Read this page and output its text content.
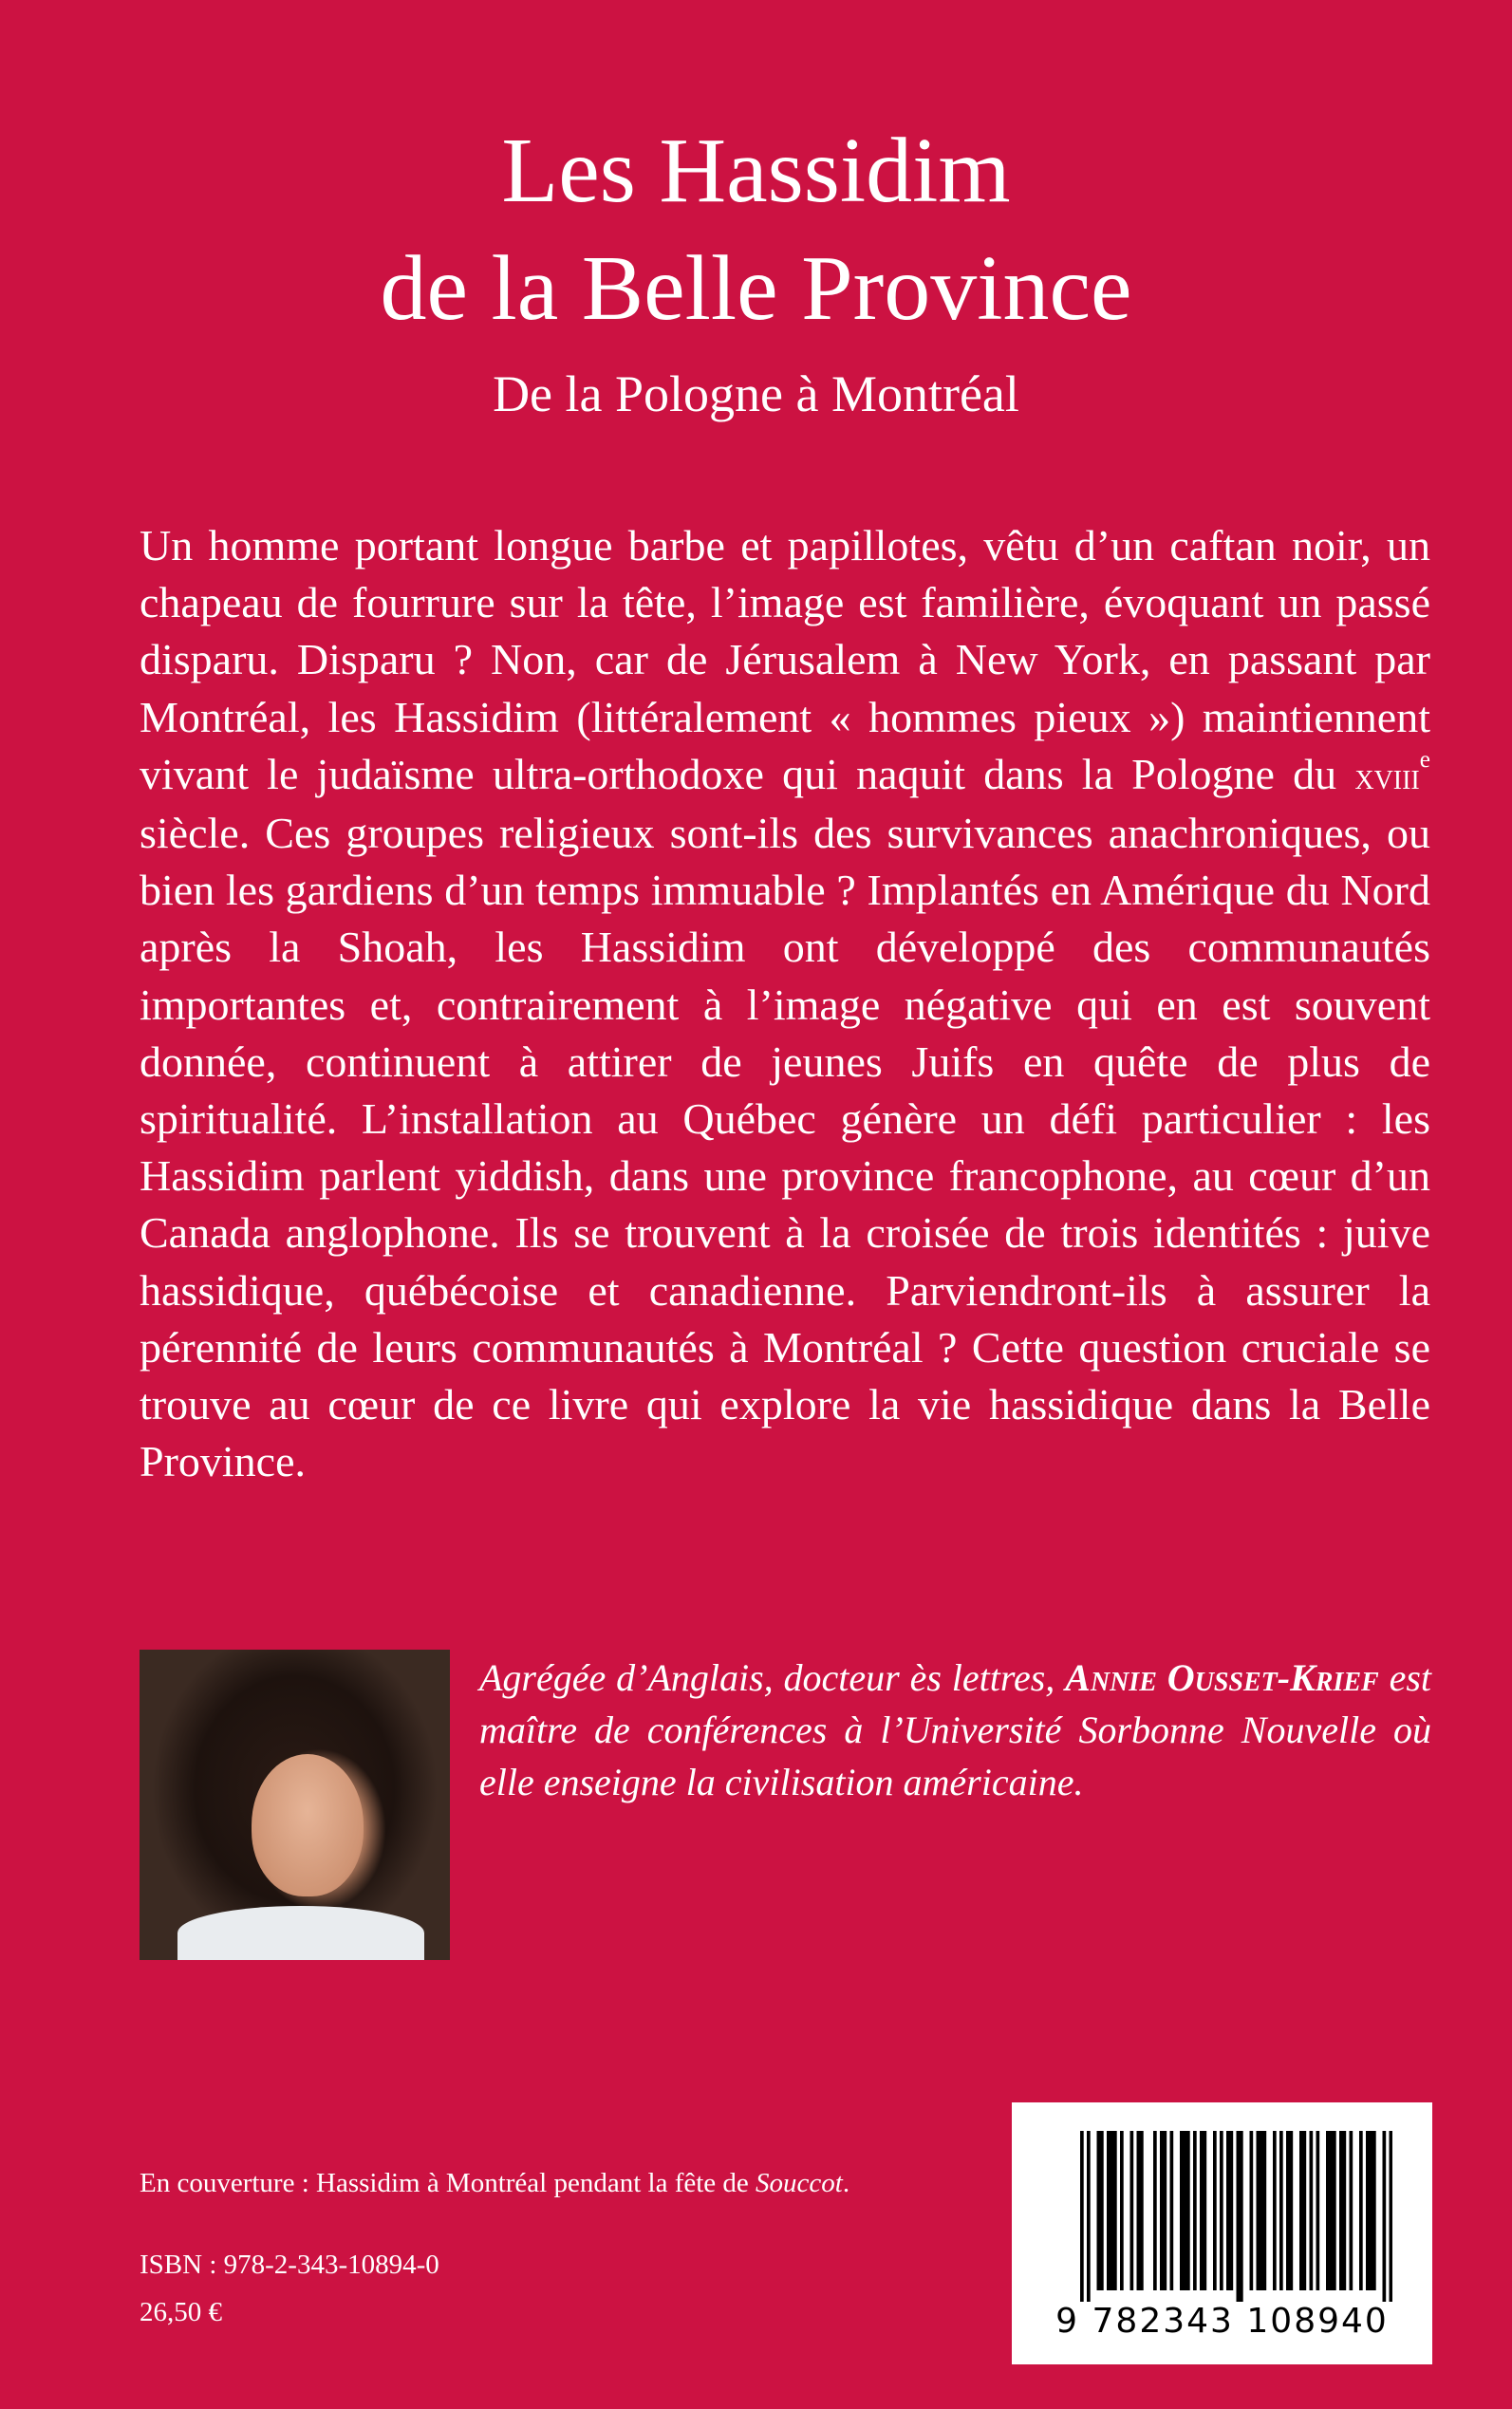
Les Hassidim
de la Belle Province
De la Pologne à Montréal

Un homme portant longue barbe et papillotes, vêtu d’un caftan noir, un chapeau de fourrure sur la tête, l’image est familière, évoquant un passé disparu. Disparu ? Non, car de Jérusalem à New York, en passant par Montréal, les Hassidim (littéralement « hommes pieux ») maintiennent vivant le judaïsme ultra-orthodoxe qui naquit dans la Pologne du xviii$^e$ siècle. Ces groupes religieux sont-ils des survivances anachroniques, ou bien les gardiens d’un temps immuable ? Implantés en Amérique du Nord après la Shoah, les Hassidim ont développé des communautés importantes et, contrairement à l’image négative qui en est souvent donnée, continuent à attirer de jeunes Juifs en quête de plus de spiritualité. L’installation au Québec génère un défi particulier : les Hassidim parlent yiddish, dans une province francophone, au cœur d’un Canada anglophone. Ils se trouvent à la croisée de trois identités : juive hassidique, québécoise et canadienne. Parviendront-ils à assurer la pérennité de leurs communautés à Montréal ? Cette question cruciale se trouve au cœur de ce livre qui explore la vie hassidique dans la Belle Province.

Agrégée d’Anglais, docteur ès lettres, Annie Ousset-Krief est maître de conférences à l’Université Sorbonne Nouvelle où elle enseigne la civilisation américaine.

En couverture : Hassidim à Montréal pendant la fête de Souccot.
ISBN : 978-2-343-10894-0
26,50 €	9 782343 108940
